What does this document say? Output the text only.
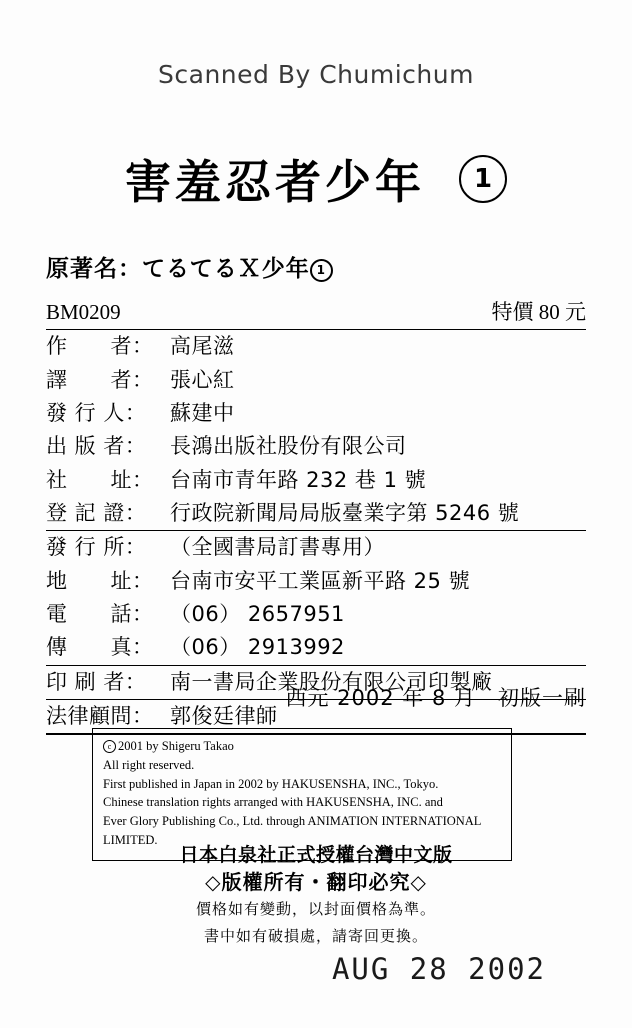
Scanned By Chumichum
害羞忍者少年	1
原著名：てるてるＸ少年 1
BM0209	特價 80 元
作　　者：	高尾滋
譯　　者：	張心紅
發 行 人：	蘇建中
出 版 者：	長鴻出版社股份有限公司
社　　址：	台南市青年路 232 巷 1 號
登 記 證：	行政院新聞局局版臺業字第 5246 號
發 行 所：	（全國書局訂書專用）
地　　址：	台南市安平工業區新平路 25 號
電　　話：	（06） 2657951
傳　　真：	（06） 2913992
印 刷 者：	南一書局企業股份有限公司印製廠
法律顧問：	郭俊廷律師
西元 2002 年 8 月　初版一刷
c 2001 by Shigeru Takao
All right reserved.
First published in Japan in 2002 by HAKUSENSHA, INC., Tokyo.
Chinese translation rights arranged with HAKUSENSHA, INC. and
Ever Glory Publishing Co., Ltd. through ANIMATION INTERNATIONAL
LIMITED.
日本白泉社正式授權台灣中文版
◇版權所有・翻印必究◇
價格如有變動，以封面價格為準。
書中如有破損處，請寄回更換。
AUG 28 2002
